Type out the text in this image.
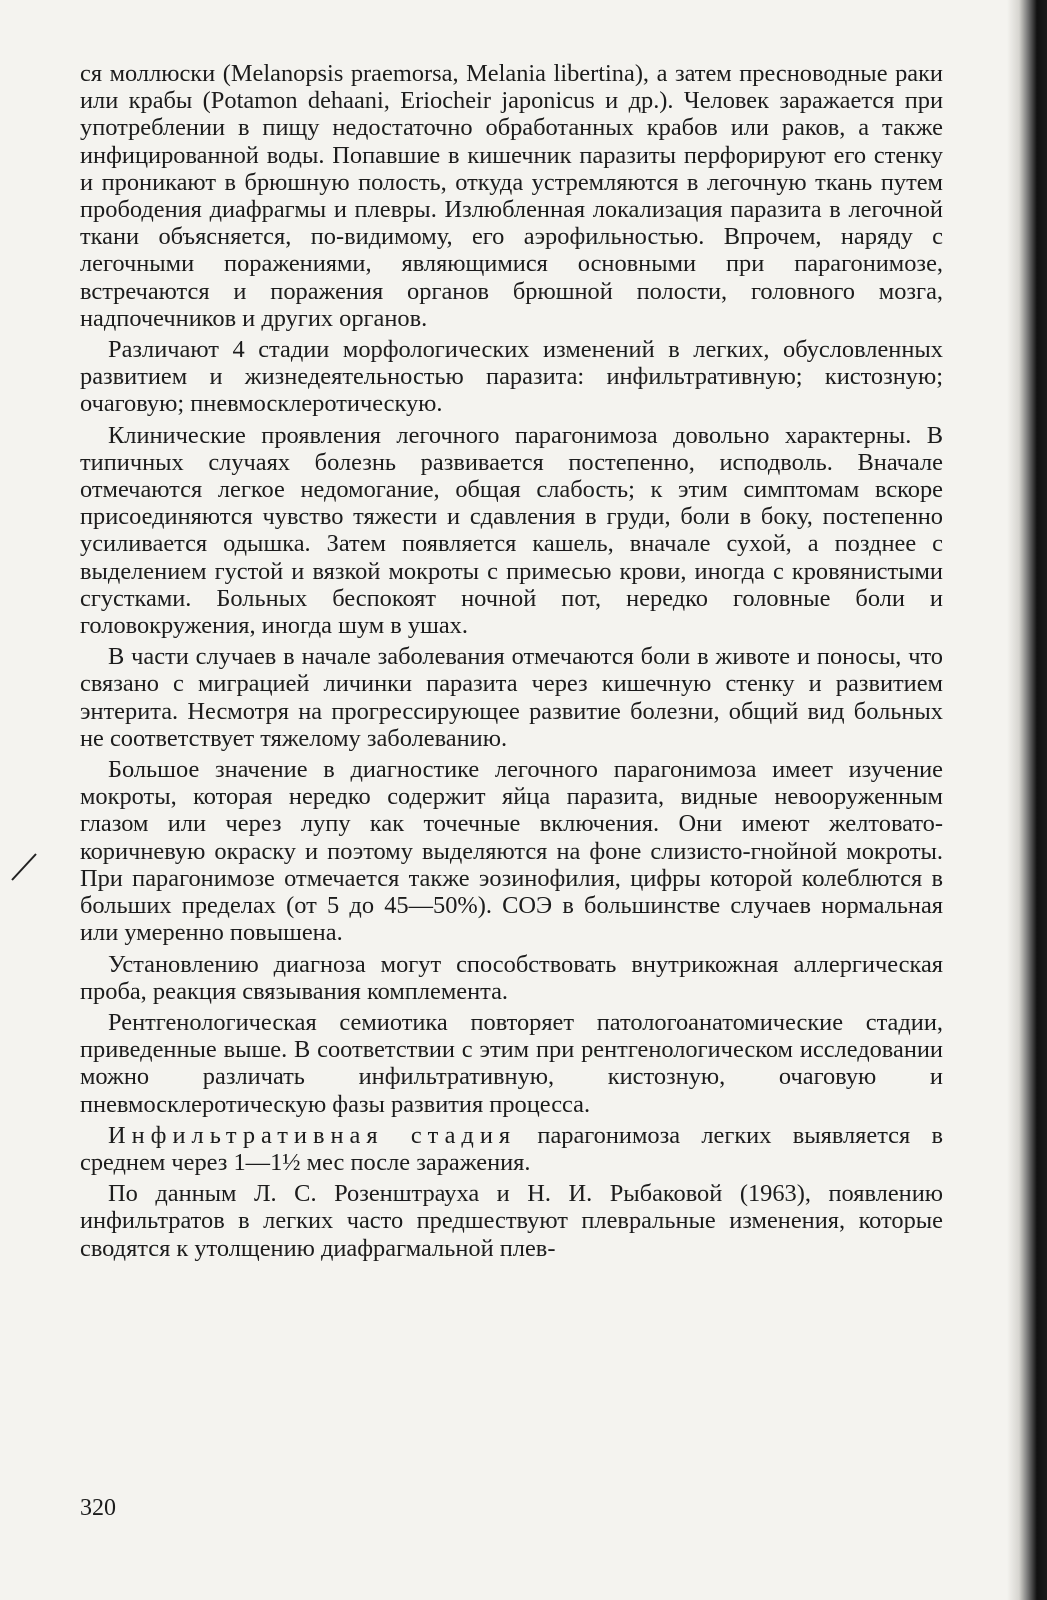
ся моллюски (Melanopsis praemorsa, Melania libertina), а затем пресноводные раки или крабы (Potamon dehaani, Eriocheir japonicus и др.). Человек заражается при употреблении в пищу недостаточно обработанных крабов или раков, а также инфицированной воды. Попавшие в кишечник паразиты перфорируют его стенку и проникают в брюшную полость, откуда устремляются в легочную ткань путем прободения диафрагмы и плевры. Излюбленная локализация паразита в легочной ткани объясняется, по-видимому, его аэрофильностью. Впрочем, наряду с легочными поражениями, являющимися основными при парагонимозе, встречаются и поражения органов брюшной полости, головного мозга, надпочечников и других органов.

Различают 4 стадии морфологических изменений в легких, обусловленных развитием и жизнедеятельностью паразита: инфильтративную; кистозную; очаговую; пневмосклеротическую.

Клинические проявления легочного парагонимоза довольно характерны. В типичных случаях болезнь развивается постепенно, исподволь. Вначале отмечаются легкое недомогание, общая слабость; к этим симптомам вскоре присоединяются чувство тяжести и сдавления в груди, боли в боку, постепенно усиливается одышка. Затем появляется кашель, вначале сухой, а позднее с выделением густой и вязкой мокроты с примесью крови, иногда с кровянистыми сгустками. Больных беспокоят ночной пот, нередко головные боли и головокружения, иногда шум в ушах.

В части случаев в начале заболевания отмечаются боли в животе и поносы, что связано с миграцией личинки паразита через кишечную стенку и развитием энтерита. Несмотря на прогрессирующее развитие болезни, общий вид больных не соответствует тяжелому заболеванию.

Большое значение в диагностике легочного парагонимоза имеет изучение мокроты, которая нередко содержит яйца паразита, видные невооруженным глазом или через лупу как точечные включения. Они имеют желтовато-коричневую окраску и поэтому выделяются на фоне слизисто-гнойной мокроты. При парагонимозе отмечается также эозинофилия, цифры которой колеблются в больших пределах (от 5 до 45—50%). СОЭ в большинстве случаев нормальная или умеренно повышена.

Установлению диагноза могут способствовать внутрикожная аллергическая проба, реакция связывания комплемента.

Рентгенологическая семиотика повторяет патологоанатомические стадии, приведенные выше. В соответствии с этим при рентгенологическом исследовании можно различать инфильтративную, кистозную, очаговую и пневмосклеротическую фазы развития процесса.

Инфильтративная стадия парагонимоза легких выявляется в среднем через 1—1½ мес после заражения.

По данным Л. С. Розенштрауха и Н. И. Рыбаковой (1963), появлению инфильтратов в легких часто предшествуют плевральные изменения, которые сводятся к утолщению диафрагмальной плев-

320
